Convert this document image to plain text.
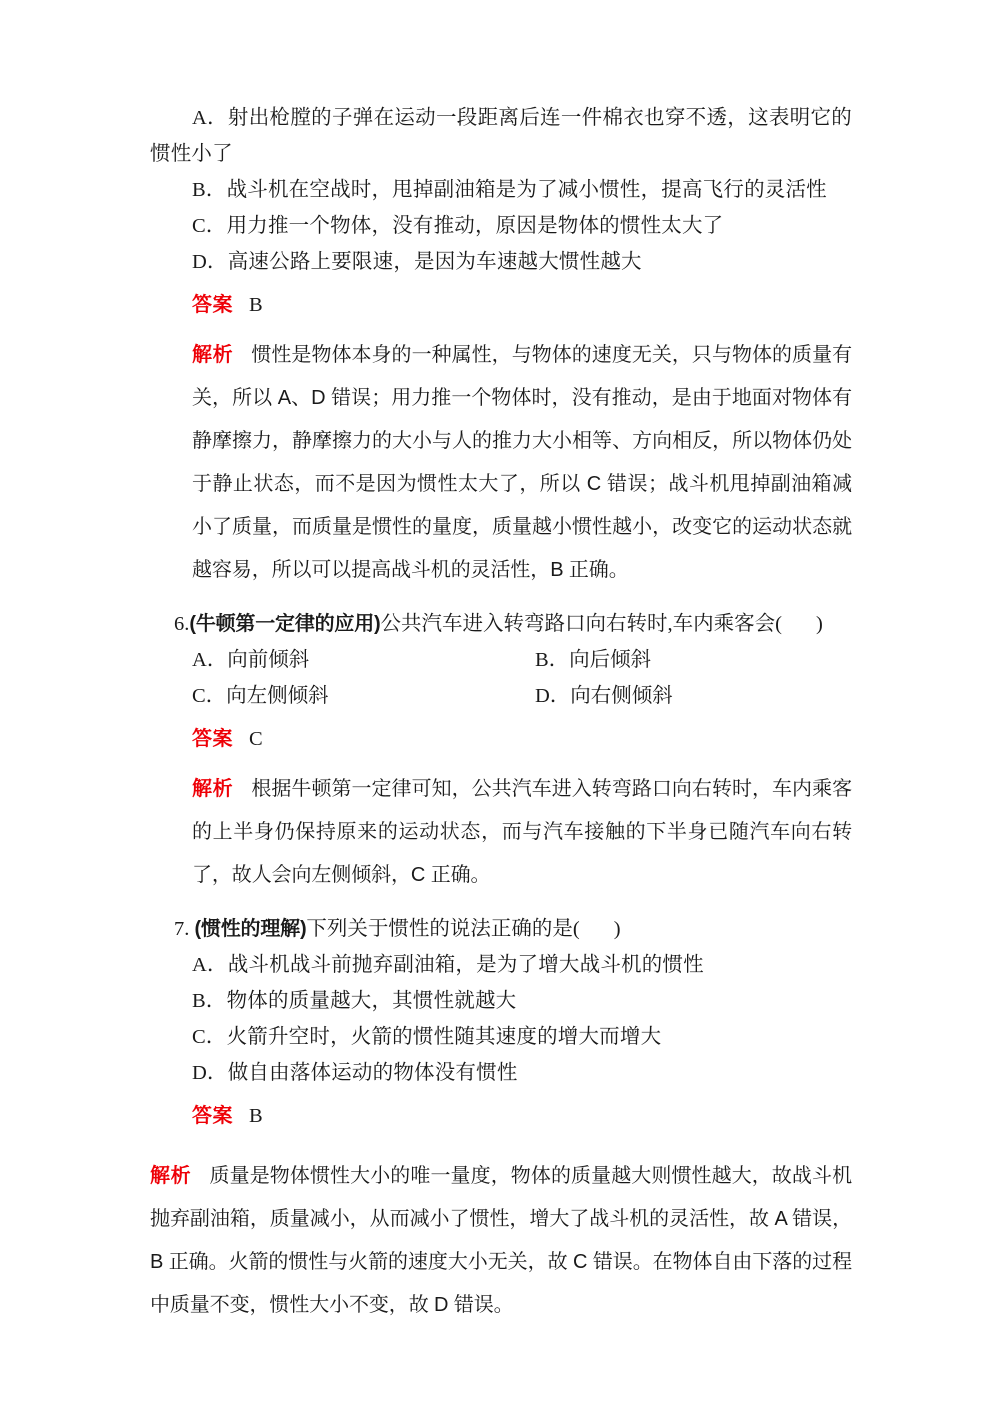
A．射出枪膛的子弹在运动一段距离后连一件棉衣也穿不透，这表明它的惯性小了

B．战斗机在空战时，甩掉副油箱是为了减小惯性，提高飞行的灵活性

C．用力推一个物体，没有推动，原因是物体的惯性太大了

D．高速公路上要限速，是因为车速越大惯性越大

答案 B

解析 惯性是物体本身的一种属性，与物体的速度无关，只与物体的质量有关，所以 A、D 错误；用力推一个物体时，没有推动，是由于地面对物体有静摩擦力，静摩擦力的大小与人的推力大小相等、方向相反，所以物体仍处于静止状态，而不是因为惯性太大了，所以 C 错误；战斗机甩掉副油箱减小了质量，而质量是惯性的量度，质量越小惯性越小，改变它的运动状态就越容易，所以可以提高战斗机的灵活性，B 正确。

6.(牛顿第一定律的应用)公共汽车进入转弯路口向右转时,车内乘客会( )

A．向前倾斜	B．向后倾斜
C．向左侧倾斜	D．向右侧倾斜

答案 C

解析 根据牛顿第一定律可知，公共汽车进入转弯路口向右转时，车内乘客的上半身仍保持原来的运动状态，而与汽车接触的下半身已随汽车向右转了，故人会向左侧倾斜，C 正确。

7. (惯性的理解)下列关于惯性的说法正确的是( )

A．战斗机战斗前抛弃副油箱，是为了增大战斗机的惯性

B．物体的质量越大，其惯性就越大

C．火箭升空时，火箭的惯性随其速度的增大而增大

D．做自由落体运动的物体没有惯性

答案 B

解析 质量是物体惯性大小的唯一量度，物体的质量越大则惯性越大，故战斗机抛弃副油箱，质量减小，从而减小了惯性，增大了战斗机的灵活性，故 A 错误，B 正确。火箭的惯性与火箭的速度大小无关，故 C 错误。在物体自由下落的过程中质量不变，惯性大小不变，故 D 错误。
